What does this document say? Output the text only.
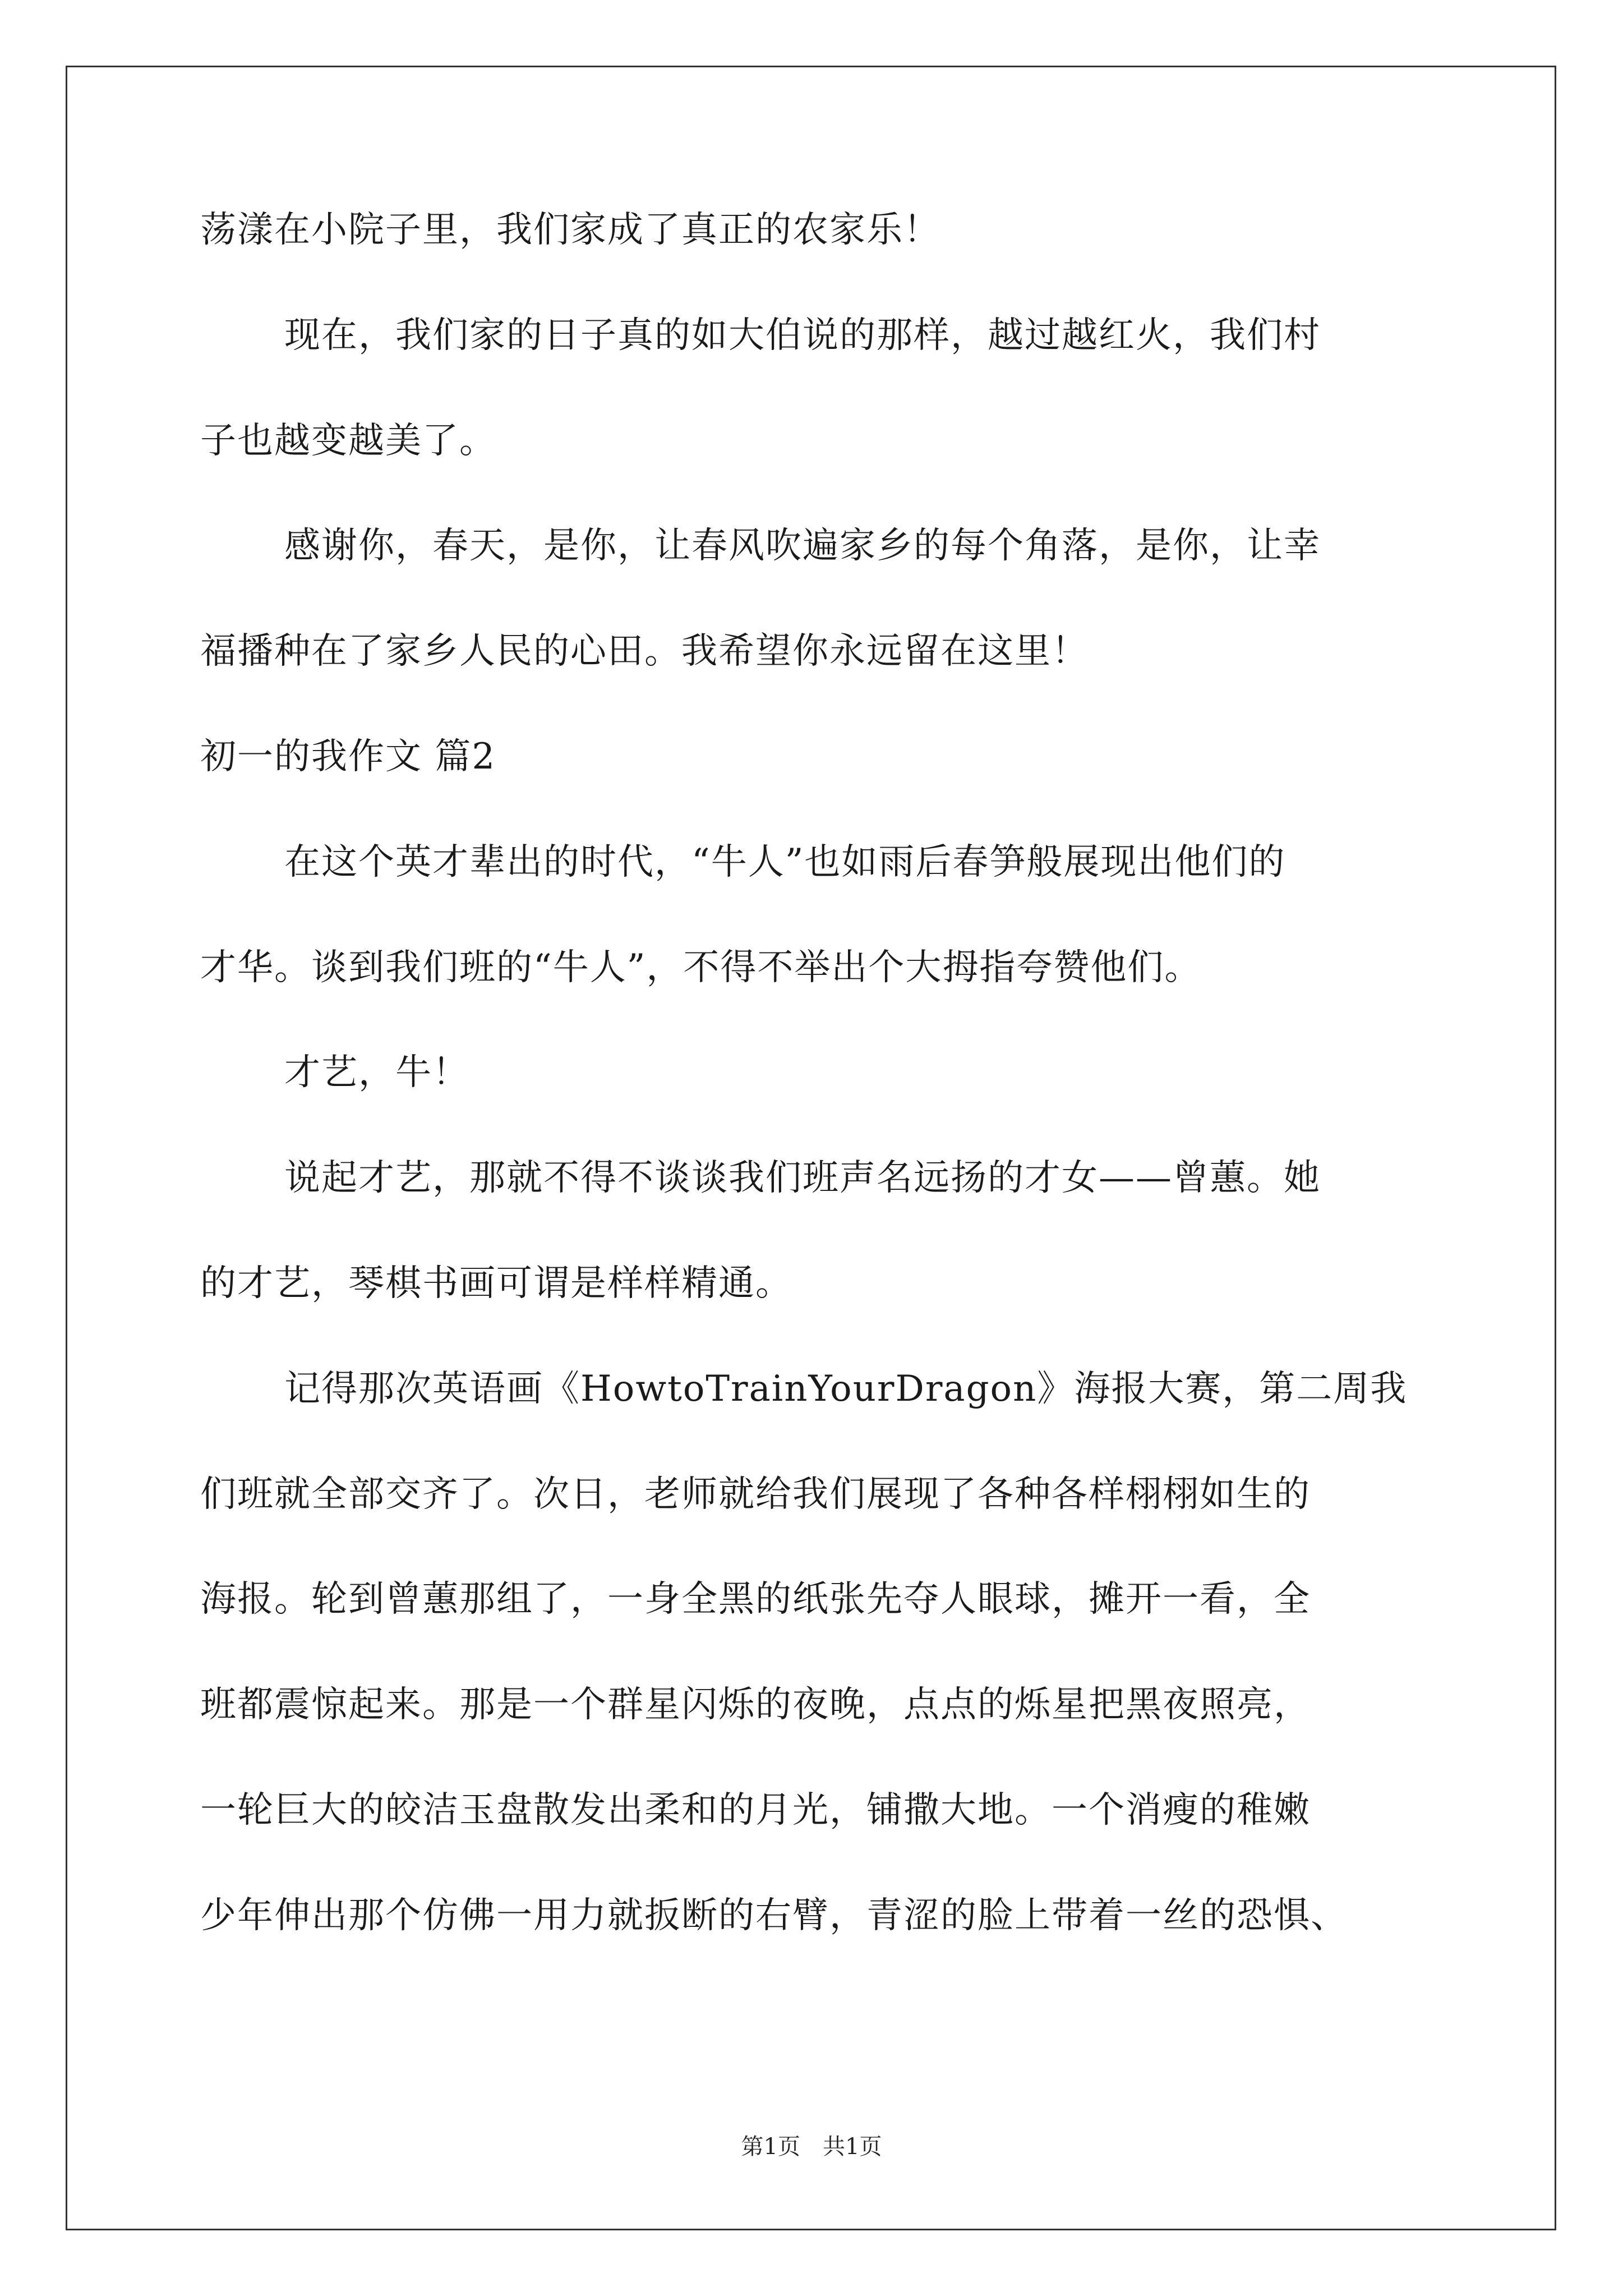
荡漾在小院子里，我们家成了真正的农家乐！
现在，我们家的日子真的如大伯说的那样，越过越红火，我们村
子也越变越美了。
感谢你，春天，是你，让春风吹遍家乡的每个角落，是你，让幸
福播种在了家乡人民的心田。我希望你永远留在这里！
初一的我作文 篇2
在这个英才辈出的时代，“牛人”也如雨后春笋般展现出他们的
才华。谈到我们班的“牛人”，不得不举出个大拇指夸赞他们。
才艺，牛！
说起才艺，那就不得不谈谈我们班声名远扬的才女——曾蕙。她
的才艺，琴棋书画可谓是样样精通。
记得那次英语画《HowtoTrainYourDragon》海报大赛，第二周我
们班就全部交齐了。次日，老师就给我们展现了各种各样栩栩如生的
海报。轮到曾蕙那组了，一身全黑的纸张先夺人眼球，摊开一看，全
班都震惊起来。那是一个群星闪烁的夜晚，点点的烁星把黑夜照亮，
一轮巨大的皎洁玉盘散发出柔和的月光，铺撒大地。一个消瘦的稚嫩
少年伸出那个仿佛一用力就扳断的右臂，青涩的脸上带着一丝的恐惧、
第1页　共1页
